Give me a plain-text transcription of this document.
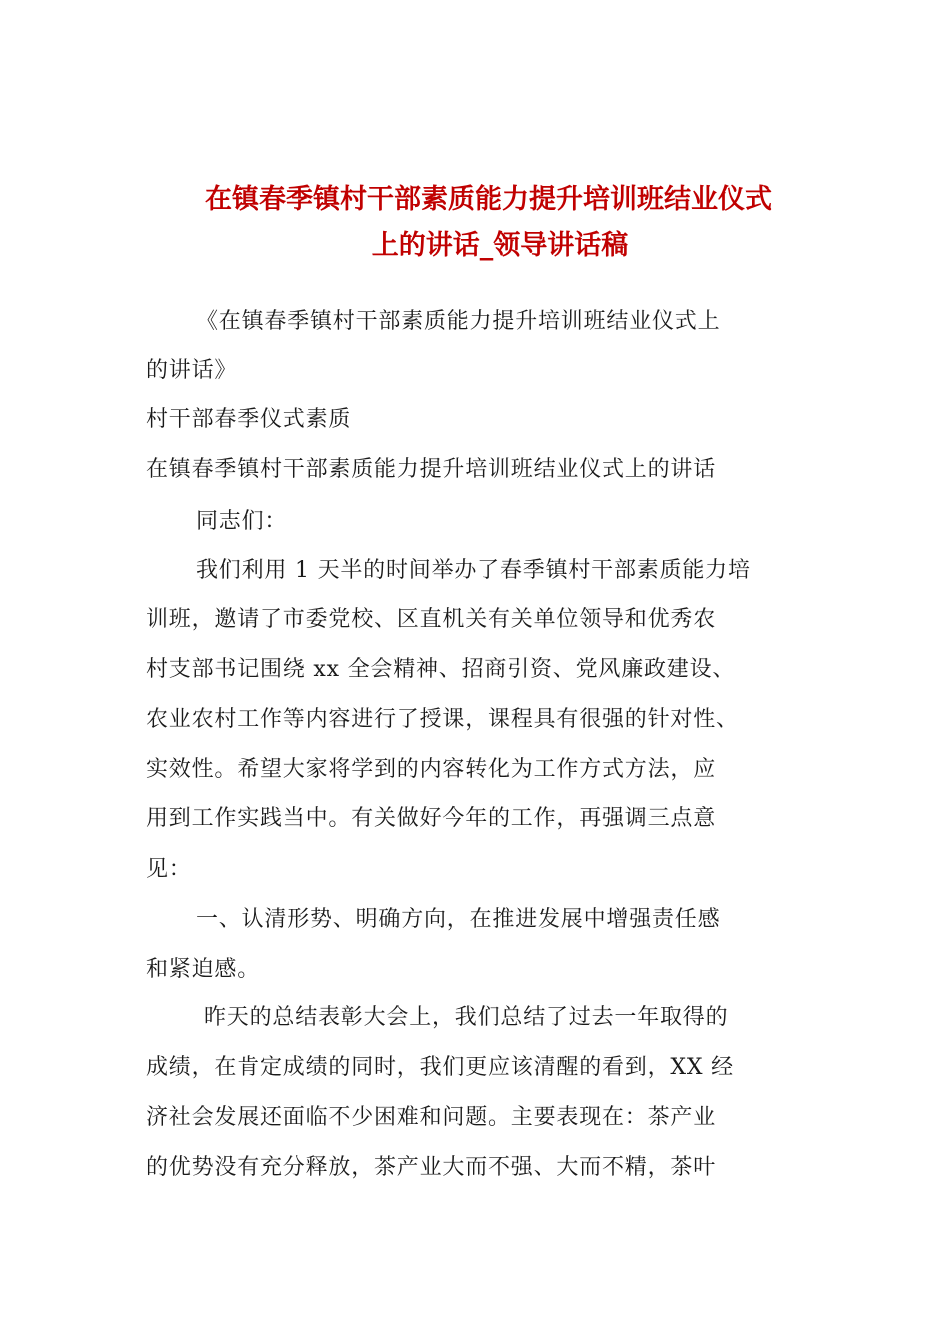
在镇春季镇村干部素质能力提升培训班结业仪式
上的讲话_领导讲话稿
《在镇春季镇村干部素质能力提升培训班结业仪式上
的讲话》
村干部春季仪式素质
在镇春季镇村干部素质能力提升培训班结业仪式上的讲话
同志们：
我们利用 1 天半的时间举办了春季镇村干部素质能力培
训班，邀请了市委党校、区直机关有关单位领导和优秀农
村支部书记围绕 xx 全会精神、招商引资、党风廉政建设、
农业农村工作等内容进行了授课，课程具有很强的针对性、
实效性。希望大家将学到的内容转化为工作方式方法，应
用到工作实践当中。有关做好今年的工作，再强调三点意
见：
一、认清形势、明确方向，在推进发展中增强责任感
和紧迫感。
昨天的总结表彰大会上，我们总结了过去一年取得的
成绩，在肯定成绩的同时，我们更应该清醒的看到，XX 经
济社会发展还面临不少困难和问题。主要表现在：茶产业
的优势没有充分释放，茶产业大而不强、大而不精，茶叶
